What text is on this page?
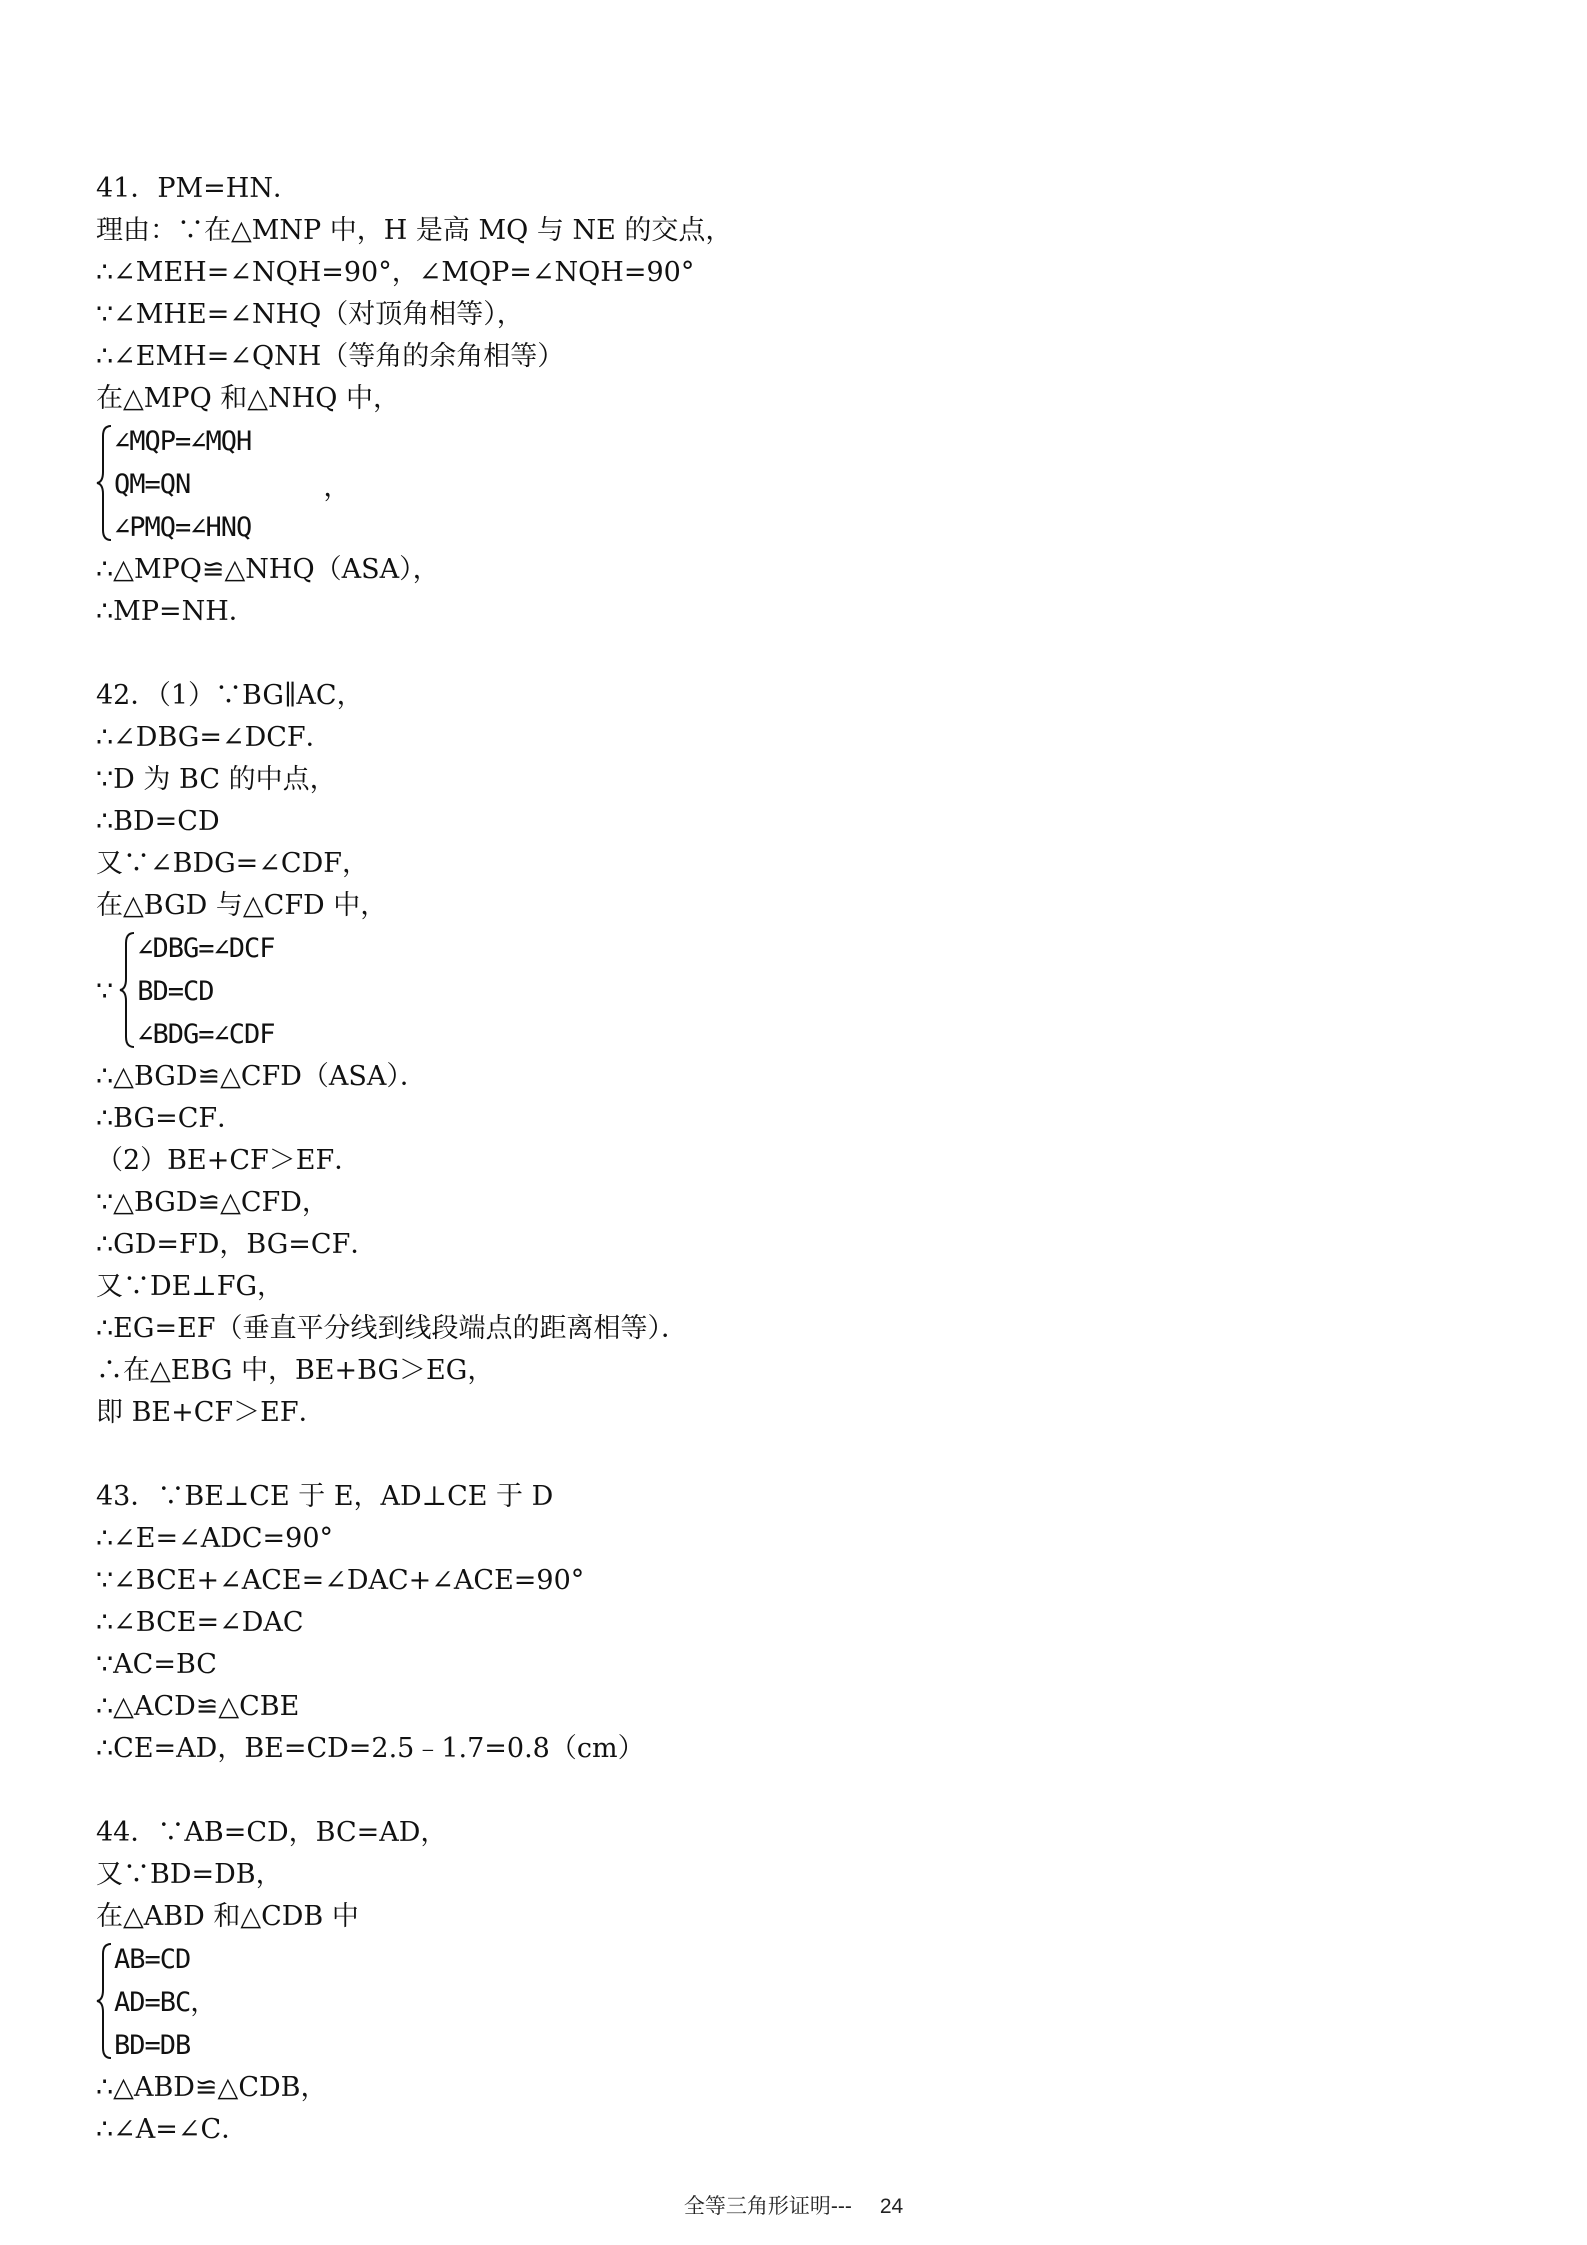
41．PM=HN．
理由：∵在△MNP 中，H 是高 MQ 与 NE 的交点，
∴∠MEH=∠NQH=90°，∠MQP=∠NQH=90°
∵∠MHE=∠NHQ（对顶角相等），
∴∠EMH=∠QNH（等角的余角相等）
在△MPQ 和△NHQ 中，
∠MQP=∠MQH
QM=QN
∠PMQ=∠HNQ
，
∴△MPQ≌△NHQ（ASA），
∴MP=NH．
42．（1）∵BG∥AC，
∴∠DBG=∠DCF．
∵D 为 BC 的中点，
∴BD=CD
又∵∠BDG=∠CDF，
在△BGD 与△CFD 中，
∵
∠DBG=∠DCF
BD=CD
∠BDG=∠CDF
∴△BGD≌△CFD（ASA）．
∴BG=CF．
（2）BE+CF＞EF．
∵△BGD≌△CFD，
∴GD=FD，BG=CF．
又∵DE⊥FG，
∴EG=EF（垂直平分线到线段端点的距离相等）．
∴在△EBG 中，BE+BG＞EG，
即 BE+CF＞EF．
43．∵BE⊥CE 于 E，AD⊥CE 于 D
∴∠E=∠ADC=90°
∵∠BCE+∠ACE=∠DAC+∠ACE=90°
∴∠BCE=∠DAC
∵AC=BC
∴△ACD≌△CBE
∴CE=AD，BE=CD=2.5﹣1.7=0.8（cm）
44．∵AB=CD，BC=AD，
又∵BD=DB，
在△ABD 和△CDB 中
AB=CD
AD=BC，
BD=DB
∴△ABD≌△CDB，
∴∠A=∠C．
全等三角形证明--- 24
